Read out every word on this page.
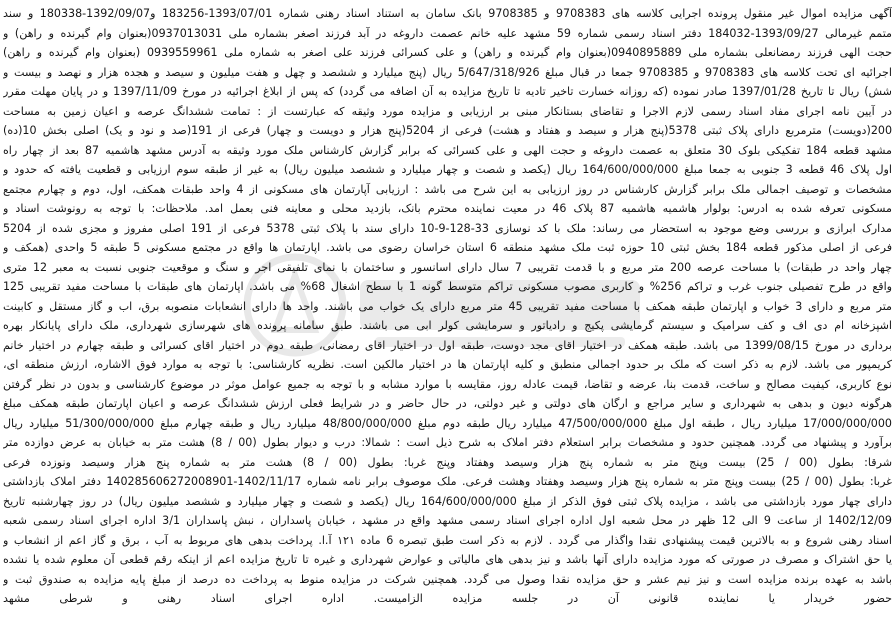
آگهی مزایده اموال غیر منقول پرونده اجرایی کلاسه های 9708383 و 9708385 بانک سامان به استناد اسناد رهنی شماره 1393/07/01-183256 و1392/09/07-180338 و سند
متمم غیرمالی 1393/09/27-184032 دفتر اسناد رسمی شماره 59 مشهد علیه خانم عصمت داروغه در آبد فرزند اصغر بشماره ملی 0937013031(بعنوان وام گیرنده و راهن) و
حجت الهی فرزند رمضانعلی بشماره ملی 0940895889(بعنوان وام گیرنده و راهن) و علی کسرائی فرزند علی اصغر به شماره ملی 0939559961 (بعنوان وام گیرنده و راهن)
اجرائیه ای تحت کلاسه های 9708383 و 9708385 جمعا در قبال مبلغ 5/647/318/926 ریال (پنج میلیارد و ششصد و چهل و هفت میلیون و سیصد و هجده هزار و نهصد و بیست و
شش) ریال تا تاریخ 1397/01/28 صادر نموده (که روزانه خسارت تاخیر تادیه تا تاریخ مزایده به آن اضافه می گردد) که پس از ابلاغ اجرائیه در مورخ 1397/11/09 و در پایان مهلت مقرر
در آیین نامه اجرای مفاد اسناد رسمی لازم الاجرا و تقاضای بستانکار مبنی بر ارزیابی و مزایده مورد وثیقه که عبارتست از : تمامت ششدانگ عرصه و اعیان زمین به مساحت
200(دویست) مترمربع دارای پلاک ثبتی 5378(پنج هزار و سیصد و هفتاد و هشت) فرعی از 5204(پنج هزار و دویست و چهار) فرعی از 191(صد و نود و یک) اصلی بخش 10(ده)
مشهد قطعه 184 تفکیکی بلوک 30 متعلق به عصمت داروغه و حجت الهی و علی کسرائی که برابر گزارش کارشناس ملک مورد وثیقه به آدرس مشهد هاشمیه 87 بعد از چهار راه
اول پلاک 46 قطعه 3 جنوبی به جمعا مبلغ 164/600/000/000 ریال (یکصد و شصت و چهار میلیارد و ششصد میلیون ریال) به غیر از طبقه سوم ارزیابی و قطعیت یافته که حدود و
مشخصات و توصیف اجمالی ملک برابر گزارش کارشناس در روز ارزیابی به این شرح می باشد : ارزیابی آپارتمان های مسکونی از 4 واحد طبقات همکف، اول، دوم و چهارم مجتمع
مسکونی تعرفه شده به ادرس: بولوار هاشمیه هاشمیه 87 پلاک 46 در معیت نماینده محترم بانک، بازدید محلی و معاینه فنی بعمل امد. ملاحظات: با توجه به رونوشت اسناد و
مدارک ابرازی و بررسی وضع موجود به استحضار می رساند: ملک با کد نوسازی 33-128-9-10 دارای سند با پلاک ثبتی 5378 فرعی از 191 اصلی مفروز و مجزی شده از 5204
فرعی از اصلی مذکور قطعه 184 بخش ثبتی 10 حوزه ثبت ملک مشهد منطقه 6 استان خراسان رضوی می باشد. اپارتمان ها واقع در مجتمع مسکونی 5 طبقه 5 واحدی (همکف و
چهار واحد در طبقات) با مساحت عرصه 200 متر مربع و با قدمت تقریبی 7 سال دارای اسانسور و ساختمان با نمای تلفیقی اجر و سنگ و موقعیت جنوبی نسبت به معبر 12 متری
واقع در طرح تفصیلی جنوب غرب و تراکم 256% و کاربری مصوب مسکونی تراکم متوسط گونه 1 با سطح اشغال 68% می باشد. اپارتمان های طبقات با مساحت مفید تقریبی 125
متر مربع و دارای 3 خواب و اپارتمان طبقه همکف با مساحت مفید تقریبی 45 متر مربع دارای یک خواب می باشند. واحد ها دارای انشعابات منصوبه برق، اب و گاز مستقل و کابینت
اشپزخانه ام دی اف و کف سرامیک و سیستم گرمایشی پکیج و رادیاتور و سرمایشی کولر ابی می باشند. طبق سامانه پرونده های شهرسازی شهرداری، ملک دارای پایانکار بهره
برداری در مورخ 1399/08/15 می باشد. طبقه همکف در اختیار اقای مجد دوست، طبقه اول در اختیار اقای رمضانی، طبقه دوم در اختیار اقای کسرائی و طبقه چهارم در اختیار خانم
کریمپور می باشد. لازم به ذکر است که ملک بر حدود اجمالی منطبق و کلیه اپارتمان ها در اختیار مالکین است. نظریه کارشناسی: با توجه به موارد فوق الاشاره، ارزش منطقه ای،
نوع کاربری، کیفیت مصالح و ساخت، قدمت بنا، عرضه و تقاضا، قیمت عادله روز، مقایسه با موارد مشابه و با توجه به جمیع عوامل موثر در موضوع کارشناسی و بدون در نظر گرفتن
هرگونه دیون و بدهی به شهرداری و سایر مراجع و ارگان های دولتی و غیر دولتی، در حال حاضر و در شرایط فعلی ارزش ششدانگ عرصه و اعیان اپارتمان طبقه همکف مبلغ
17/000/000/000 میلیارد ریال ، طبقه اول مبلغ 47/500/000/000 میلیارد ریال طبقه دوم مبلغ 48/800/000/000 میلیارد ریال و طبقه چهارم مبلغ 51/300/000/000 میلیارد ریال
برآورد و پیشنهاد می گردد. همچنین حدود و مشخصات برابر استعلام دفتر املاک به شرح ذیل است : شمالا: درب و دیوار بطول (00 / 8) هشت متر به خیابان به عرض دوازده متر
شرقا: بطول (00 / 25) بیست وپنج متر به شماره پنج هزار وسیصد وهفتاد وپنج غربا: بطول (00 / 8) هشت متر به شماره پنج هزار وسیصد ونوزده فرعی
غربا: بطول (00 / 25) بیست وپنج متر به شماره پنج هزار وسیصد وهفتاد وهشت فرعی. ملک موصوف برابر نامه شماره 1402/11/17-140285606272008901 دفتر املاک بازداشتی
دارای چهار مورد بازداشتی می باشد ، مزایده پلاک ثبتی فوق الذکر از مبلغ 164/600/000/000 ریال (یکصد و شصت و چهار میلیارد و ششصد میلیون ریال) در روز چهارشنبه تاریخ
1402/12/09 از ساعت 9 الی 12 ظهر در محل شعبه اول اداره اجرای اسناد رسمی مشهد واقع در مشهد ، خیابان پاسداران ، نبش پاسداران 3/1 اداره اجرای اسناد رسمی شعبه
اسناد رهنی شروع و به بالاترین قیمت پیشنهادی نقدا واگذار می گردد . لازم به ذکر است طبق تبصره 6 ماده ۱۲۱ آ.ا. پرداخت بدهی های مربوط به آب ، برق و گاز اعم از انشعاب و
یا حق اشتراک و مصرف در صورتی که مورد مزایده دارای آنها باشد و نیز بدهی های مالیاتی و عوارض شهرداری و غیره تا تاریخ مزایده اعم از اینکه رقم قطعی آن معلوم شده یا نشده
باشد به عهده برنده مزایده است و نیز نیم عشر و حق مزایده نقدا وصول می گردد. همچنین شرکت در مزایده منوط به پرداخت ده درصد از مبلغ پایه مزایده به صندوق ثبت و
حضور خریدار یا نماینده قانونی آن در جلسه مزایده الزامیست. اداره اجرای اسناد رهنی و شرطی مشهد
